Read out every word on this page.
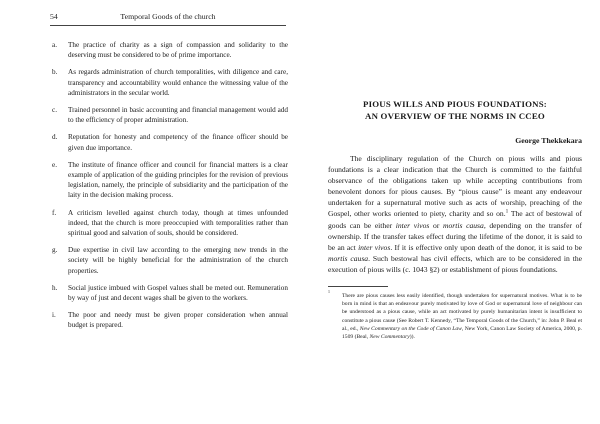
54	Temporal Goods of the church
a. The practice of charity as a sign of compassion and solidarity to the deserving must be considered to be of prime importance.
b. As regards administration of church temporalities, with diligence and care, transparency and accountability would enhance the witnessing value of the administrators in the secular world.
c. Trained personnel in basic accounting and financial management would add to the efficiency of proper administration.
d. Reputation for honesty and competency of the finance officer should be given due importance.
e. The institute of finance officer and council for financial matters is a clear example of application of the guiding principles for the revision of previous legislation, namely, the principle of subsidiarity and the participation of the laity in the decision making process.
f. A criticism levelled against church today, though at times unfounded indeed, that the church is more preoccupied with temporalities rather than spiritual good and salvation of souls, should be considered.
g. Due expertise in civil law according to the emerging new trends in the society will be highly beneficial for the administration of the church properties.
h. Social justice imbued with Gospel values shall be meted out. Remuneration by way of just and decent wages shall be given to the workers.
i. The poor and needy must be given proper consideration when annual budget is prepared.
PIOUS WILLS AND PIOUS FOUNDATIONS:
AN OVERVIEW OF THE NORMS IN CCEO
George Thekkekara

The disciplinary regulation of the Church on pious wills and pious foundations is a clear indication that the Church is committed to the faithful observance of the obligations taken up while accepting contributions from benevolent donors for pious causes. By “pious cause” is meant any endeavour undertaken for a supernatural motive such as acts of worship, preaching of the Gospel, other works oriented to piety, charity and so on.$^1$ The act of bestowal of goods can be either inter vivos or mortis causa, depending on the transfer of ownership. If the transfer takes effect during the lifetime of the donor, it is said to be an act inter vivos. If it is effective only upon death of the donor, it is said to be mortis causa. Such bestowal has civil effects, which are to be considered in the execution of pious wills (c. 1043 §2) or establishment of pious foundations.

1
There are pious causes less easily identified, though undertaken for supernatural motives. What is to be born in mind is that an endeavour purely motivated by love of God or supernatural love of neighbour can be understood as a pious cause, while an act motivated by purely humanitarian intent is insufficient to constitute a pious cause (See Robert T. Kennedy, “The Temporal Goods of the Church,” in: John P. Beal et al., ed., New Commentary on the Code of Canon Law, New York, Canon Law Society of America, 2000, p. 1509 (Beal, New Commentary)).
